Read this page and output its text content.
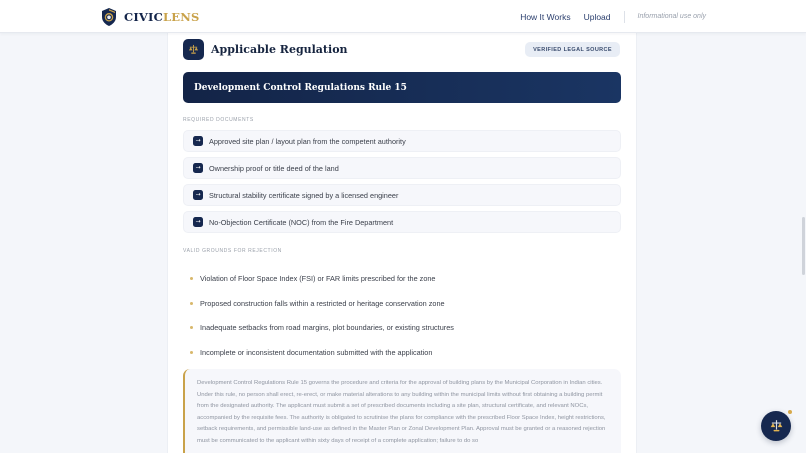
CIVICLENS	How It Works Upload	Informational use only
Applicable Regulation	VERIFIED LEGAL SOURCE
Development Control Regulations Rule 15
REQUIRED DOCUMENTS
→	Approved site plan / layout plan from the competent authority
→	Ownership proof or title deed of the land
→	Structural stability certificate signed by a licensed engineer
→	No-Objection Certificate (NOC) from the Fire Department
VALID GROUNDS FOR REJECTION
Violation of Floor Space Index (FSI) or FAR limits prescribed for the zone
Proposed construction falls within a restricted or heritage conservation zone
Inadequate setbacks from road margins, plot boundaries, or existing structures
Incomplete or inconsistent documentation submitted with the application

Development Control Regulations Rule 15 governs the procedure and criteria for the approval of building plans by the Municipal Corporation in Indian cities. Under this rule, no person shall erect, re-erect, or make material alterations to any building within the municipal limits without first obtaining a building permit from the designated authority. The applicant must submit a set of prescribed documents including a site plan, structural certificate, and relevant NOCs, accompanied by the requisite fees. The authority is obligated to scrutinise the plans for compliance with the prescribed Floor Space Index, height restrictions, setback requirements, and permissible land-use as defined in the Master Plan or Zonal Development Plan. Approval must be granted or a reasoned rejection must be communicated to the applicant within sixty days of receipt of a complete application; failure to do so
